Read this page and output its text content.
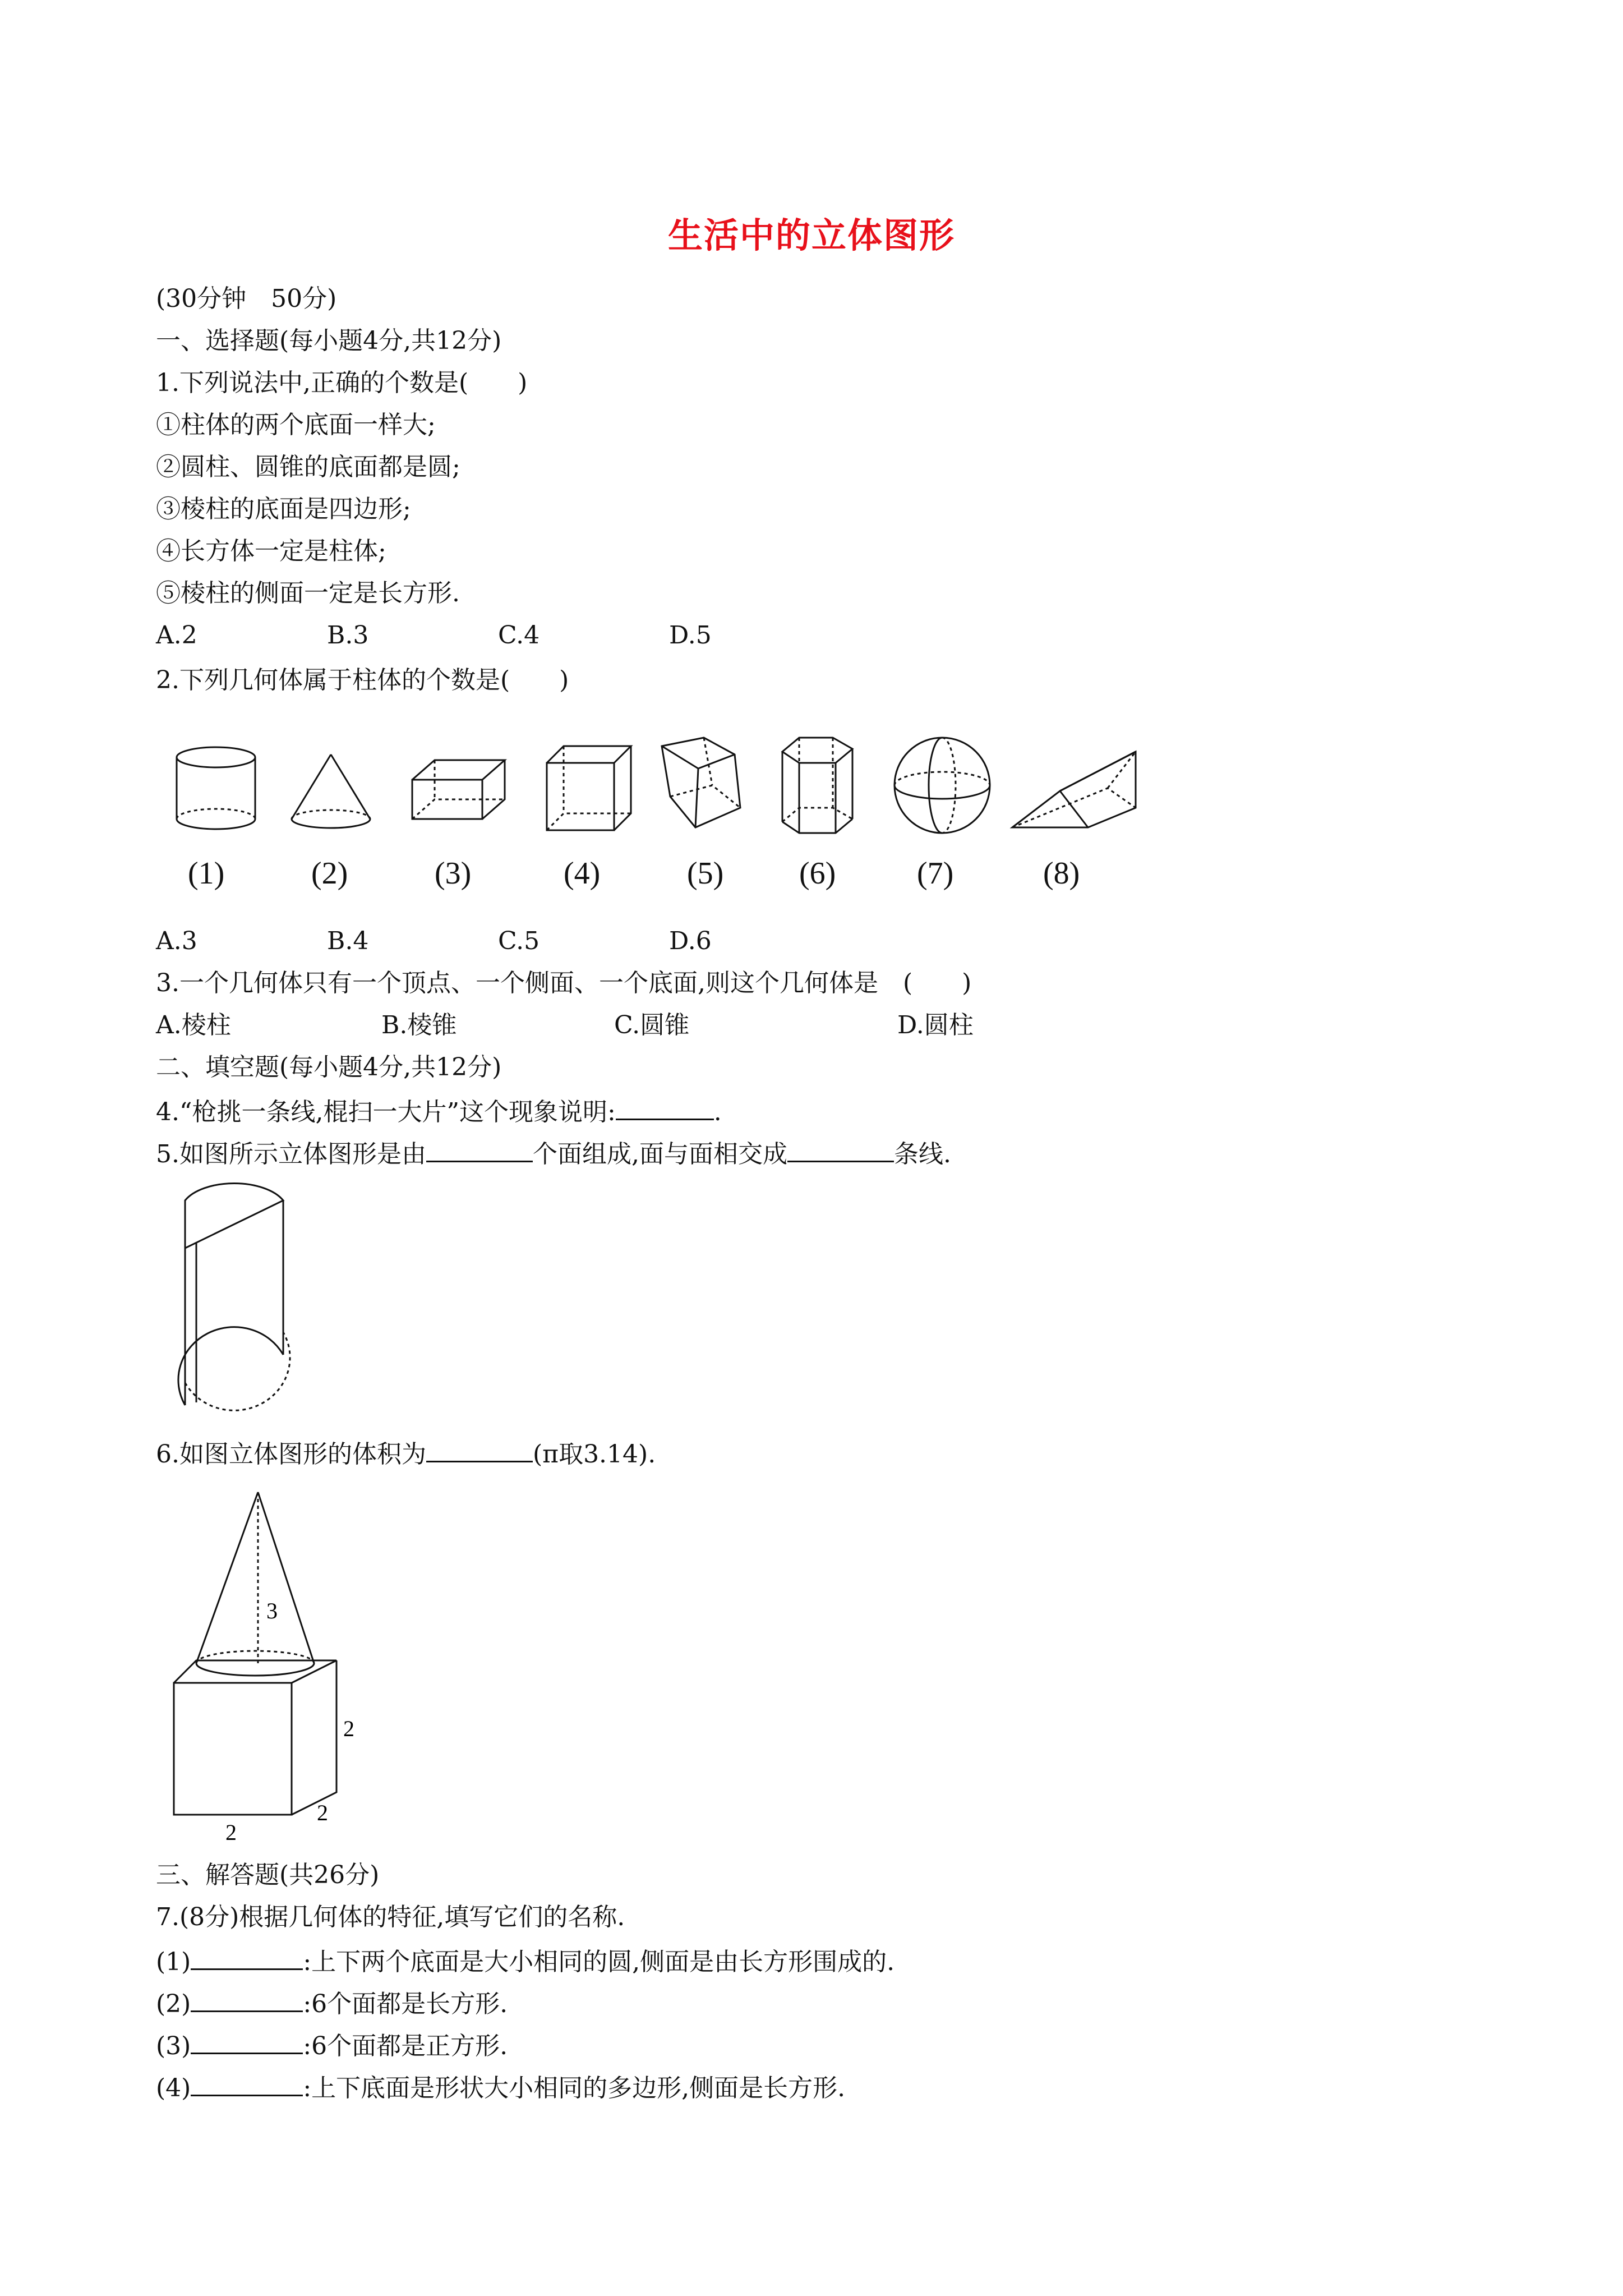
生活中的立体图形
(30分钟　50分)
一、选择题(每小题4分,共12分)
1.下列说法中,正确的个数是(　　)
①柱体的两个底面一样大;
②圆柱、圆锥的底面都是圆;
③棱柱的底面是四边形;
④长方体一定是柱体;
⑤棱柱的侧面一定是长方形.
A.2	B.3	C.4	D.5
2.下列几何体属于柱体的个数是(　　)
(1)	(2)	(3)	(4)	(5) (6)	(7)	(8)
A.3	B.4	C.5	D.6
3.一个几何体只有一个顶点、一个侧面、一个底面,则这个几何体是　(　　)
A.棱柱	B.棱锥	C.圆锥	D.圆柱
二、填空题(每小题4分,共12分)
4.“枪挑一条线,棍扫一大片”这个现象说明:	.
5.如图所示立体图形是由	个面组成,面与面相交成	条线.
6.如图立体图形的体积为	(π取3.14).
3
2
2
2
三、解答题(共26分)
7.(8分)根据几何体的特征,填写它们的名称.
(1)	:上下两个底面是大小相同的圆,侧面是由长方形围成的.
(2)	:6个面都是长方形.
(3)	:6个面都是正方形.
(4)	:上下底面是形状大小相同的多边形,侧面是长方形.
